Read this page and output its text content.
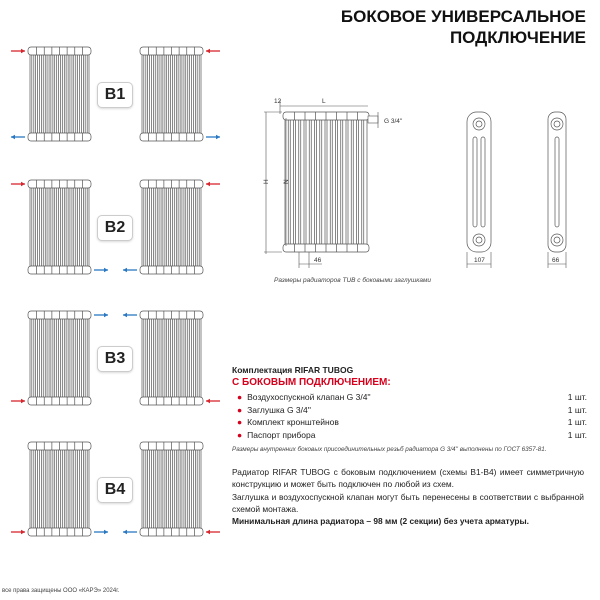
БОКОВОЕ УНИВЕРСАЛЬНОЕ
ПОДКЛЮЧЕНИЕ
B1
B2
B3
B4
L
12
H N
46
G 3/4''
107	66
Размеры радиаторов TUB с боковыми заглушками
Комплектация RIFAR TUBOG
С БОКОВЫМ ПОДКЛЮЧЕНИЕМ:
● Воздухоспускной клапан G 3/4''	1 шт.
● Заглушка G 3/4''	1 шт.
● Комплект кронштейнов	1 шт.
● Паспорт прибора	1 шт.
Размеры внутренних боковых присоединительных резьб радиатора G 3/4'' выполнены по ГОСТ 6357-81.

Радиатор RIFAR TUBOG с боковым подключением (схемы B1-B4) имеет симметричную конструкцию и может быть подключен по любой из схем.

Заглушка и воздухоспускной клапан могут быть перенесены в соответствии с выбранной схемой монтажа.

Минимальная длина радиатора – 98 мм (2 секции) без учета арматуры.

все права защищены ООО «КАРЭ» 2024г.
